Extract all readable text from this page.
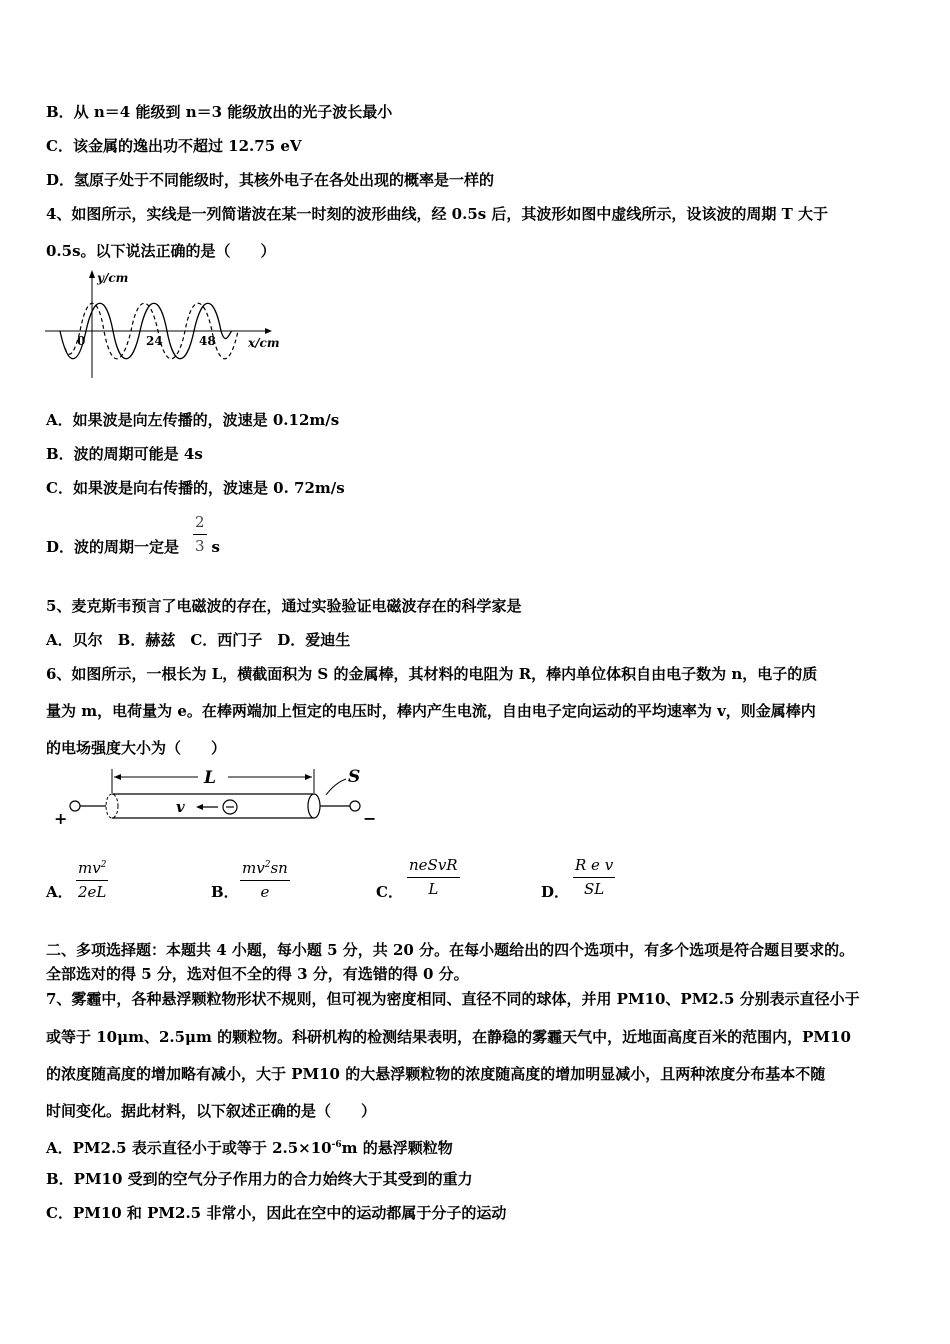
B．从 n＝4 能级到 n＝3 能级放出的光子波长最小
C．该金属的逸出功不超过 12.75 eV
D．氢原子处于不同能级时，其核外电子在各处出现的概率是一样的
4、如图所示，实线是一列简谐波在某一时刻的波形曲线，经 0.5s 后，其波形如图中虚线所示，设该波的周期 T 大于
0.5s。以下说法正确的是（　　）
y/cm
x/cm
0	24	48
A．如果波是向左传播的，波速是 0.12m/s
B．波的周期可能是 4s
C．如果波是向右传播的，波速是 0. 72m/s
D．波的周期一定是 s
$\frac{2}{3}$
5、麦克斯韦预言了电磁波的存在，通过实验验证电磁波存在的科学家是
A．贝尔　B．赫兹　C．西门子　D．爱迪生
6、如图所示，一根长为 L，横截面积为 S 的金属棒，其材料的电阻为 R，棒内单位体积自由电子数为 n，电子的质
量为 m，电荷量为 e。在棒两端加上恒定的电压时，棒内产生电流，自由电子定向运动的平均速率为 v，则金属棒内
的电场强度大小为（　　）
L
+	−
S
v
A． $\frac{mv^2}{2eL}$	B． $\frac{mv^2sn}{e}$	C．
neSvR
L	D． $\frac{\text{R e v}}{SL}$
二、多项选择题：本题共 4 小题，每小题 5 分，共 20 分。在每小题给出的四个选项中，有多个选项是符合题目要求的。
全部选对的得 5 分，选对但不全的得 3 分，有选错的得 0 分。
7、雾霾中，各种悬浮颗粒物形状不规则，但可视为密度相同、直径不同的球体，并用 PM10、PM2.5 分别表示直径小于
或等于 10μm、2.5μm 的颗粒物。科研机构的检测结果表明，在静稳的雾霾天气中，近地面高度百米的范围内，PM10
的浓度随高度的增加略有减小，大于 PM10 的大悬浮颗粒物的浓度随高度的增加明显减小，且两种浓度分布基本不随
时间变化。据此材料，以下叙述正确的是（　　）
A．PM2.5 表示直径小于或等于 $2.5\times 10^{-6}m$ 的悬浮颗粒物
B．PM10 受到的空气分子作用力的合力始终大于其受到的重力
C．PM10 和 PM2.5 非常小，因此在空中的运动都属于分子的运动
